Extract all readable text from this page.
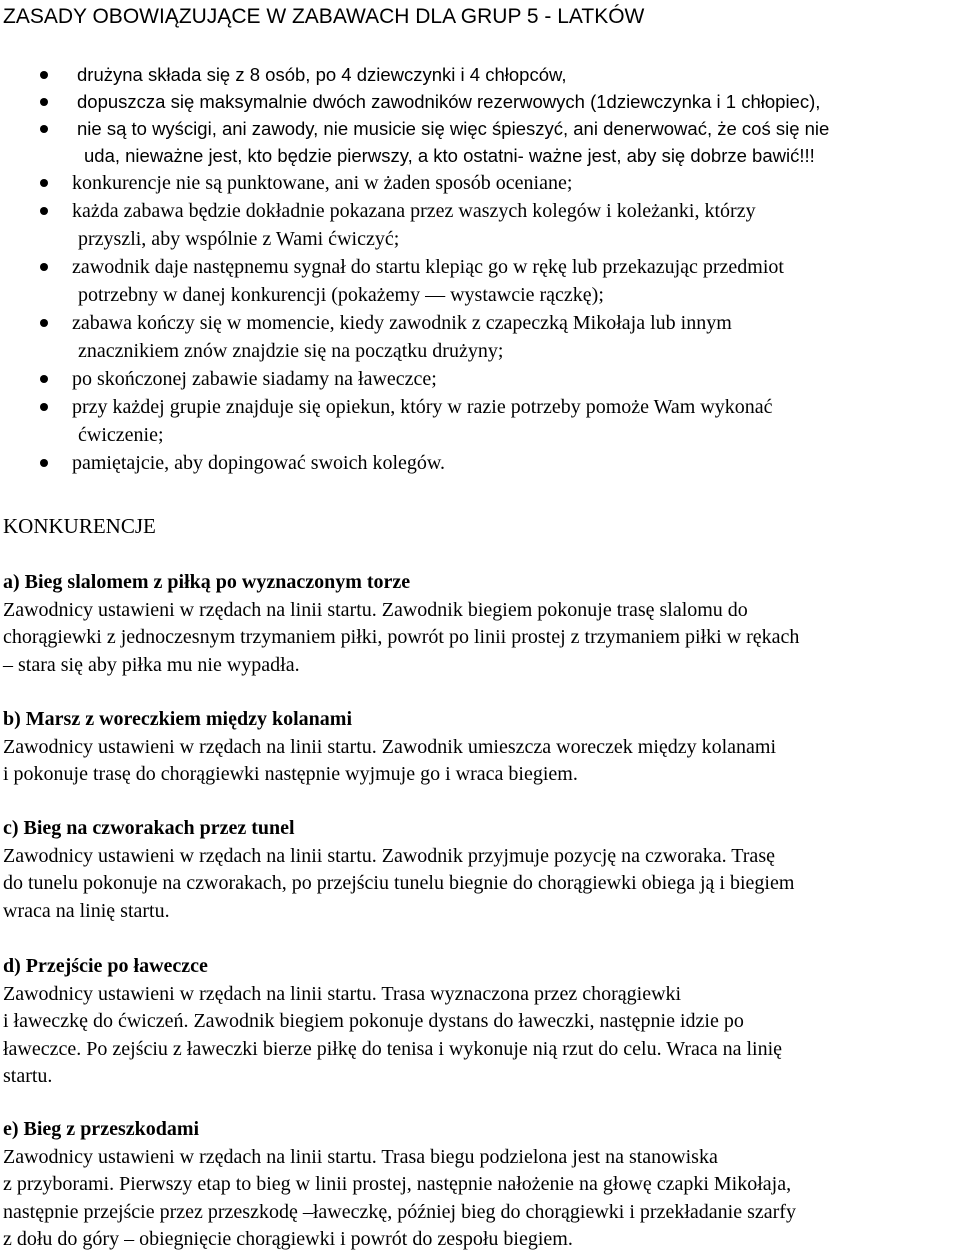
ZASADY OBOWIĄZUJĄCE W ZABAWACH DLA GRUP 5 - LATKÓW
drużyna składa się z 8 osób, po 4 dziewczynki i 4 chłopców,
dopuszcza się maksymalnie dwóch zawodników rezerwowych (1dziewczynka i 1 chłopiec),
nie są to wyścigi, ani zawody, nie musicie się więc śpieszyć, ani denerwować, że coś się nie
uda, nieważne jest, kto będzie pierwszy, a kto ostatni- ważne jest, aby się dobrze bawić!!!
konkurencje nie są punktowane, ani w żaden sposób oceniane;
każda zabawa będzie dokładnie pokazana przez waszych kolegów i koleżanki, którzy
przyszli, aby wspólnie z Wami ćwiczyć;
zawodnik daje następnemu sygnał do startu klepiąc go w rękę lub przekazując przedmiot
potrzebny w danej konkurencji (pokażemy — wystawcie rączkę);
zabawa kończy się w momencie, kiedy zawodnik z czapeczką Mikołaja lub innym
znacznikiem znów znajdzie się na początku drużyny;
po skończonej zabawie siadamy na ławeczce;
przy każdej grupie znajduje się opiekun, który w razie potrzeby pomoże Wam wykonać
ćwiczenie;
pamiętajcie, aby dopingować swoich kolegów.
KONKURENCJE
a) Bieg slalomem z piłką po wyznaczonym torze
Zawodnicy ustawieni w rzędach na linii startu. Zawodnik biegiem pokonuje trasę slalomu do
chorągiewki z jednoczesnym trzymaniem piłki, powrót po linii prostej z trzymaniem piłki w rękach
– stara się aby piłka mu nie wypadła.
b) Marsz z woreczkiem między kolanami
Zawodnicy ustawieni w rzędach na linii startu. Zawodnik umieszcza woreczek między kolanami
i pokonuje trasę do chorągiewki następnie wyjmuje go i wraca biegiem.
c) Bieg na czworakach przez tunel
Zawodnicy ustawieni w rzędach na linii startu. Zawodnik przyjmuje pozycję na czworaka. Trasę
do tunelu pokonuje na czworakach, po przejściu tunelu biegnie do chorągiewki obiega ją i biegiem
wraca na linię startu.
d) Przejście po ławeczce
Zawodnicy ustawieni w rzędach na linii startu. Trasa wyznaczona przez chorągiewki
i ławeczkę do ćwiczeń. Zawodnik biegiem pokonuje dystans do ławeczki, następnie idzie po
ławeczce. Po zejściu z ławeczki bierze piłkę do tenisa i wykonuje nią rzut do celu. Wraca na linię
startu.
e) Bieg z przeszkodami
Zawodnicy ustawieni w rzędach na linii startu. Trasa biegu podzielona jest na stanowiska
z przyborami. Pierwszy etap to bieg w linii prostej, następnie nałożenie na głowę czapki Mikołaja,
następnie przejście przez przeszkodę –ławeczkę, później bieg do chorągiewki i przekładanie szarfy
z dołu do góry – obiegnięcie chorągiewki i powrót do zespołu biegiem.
